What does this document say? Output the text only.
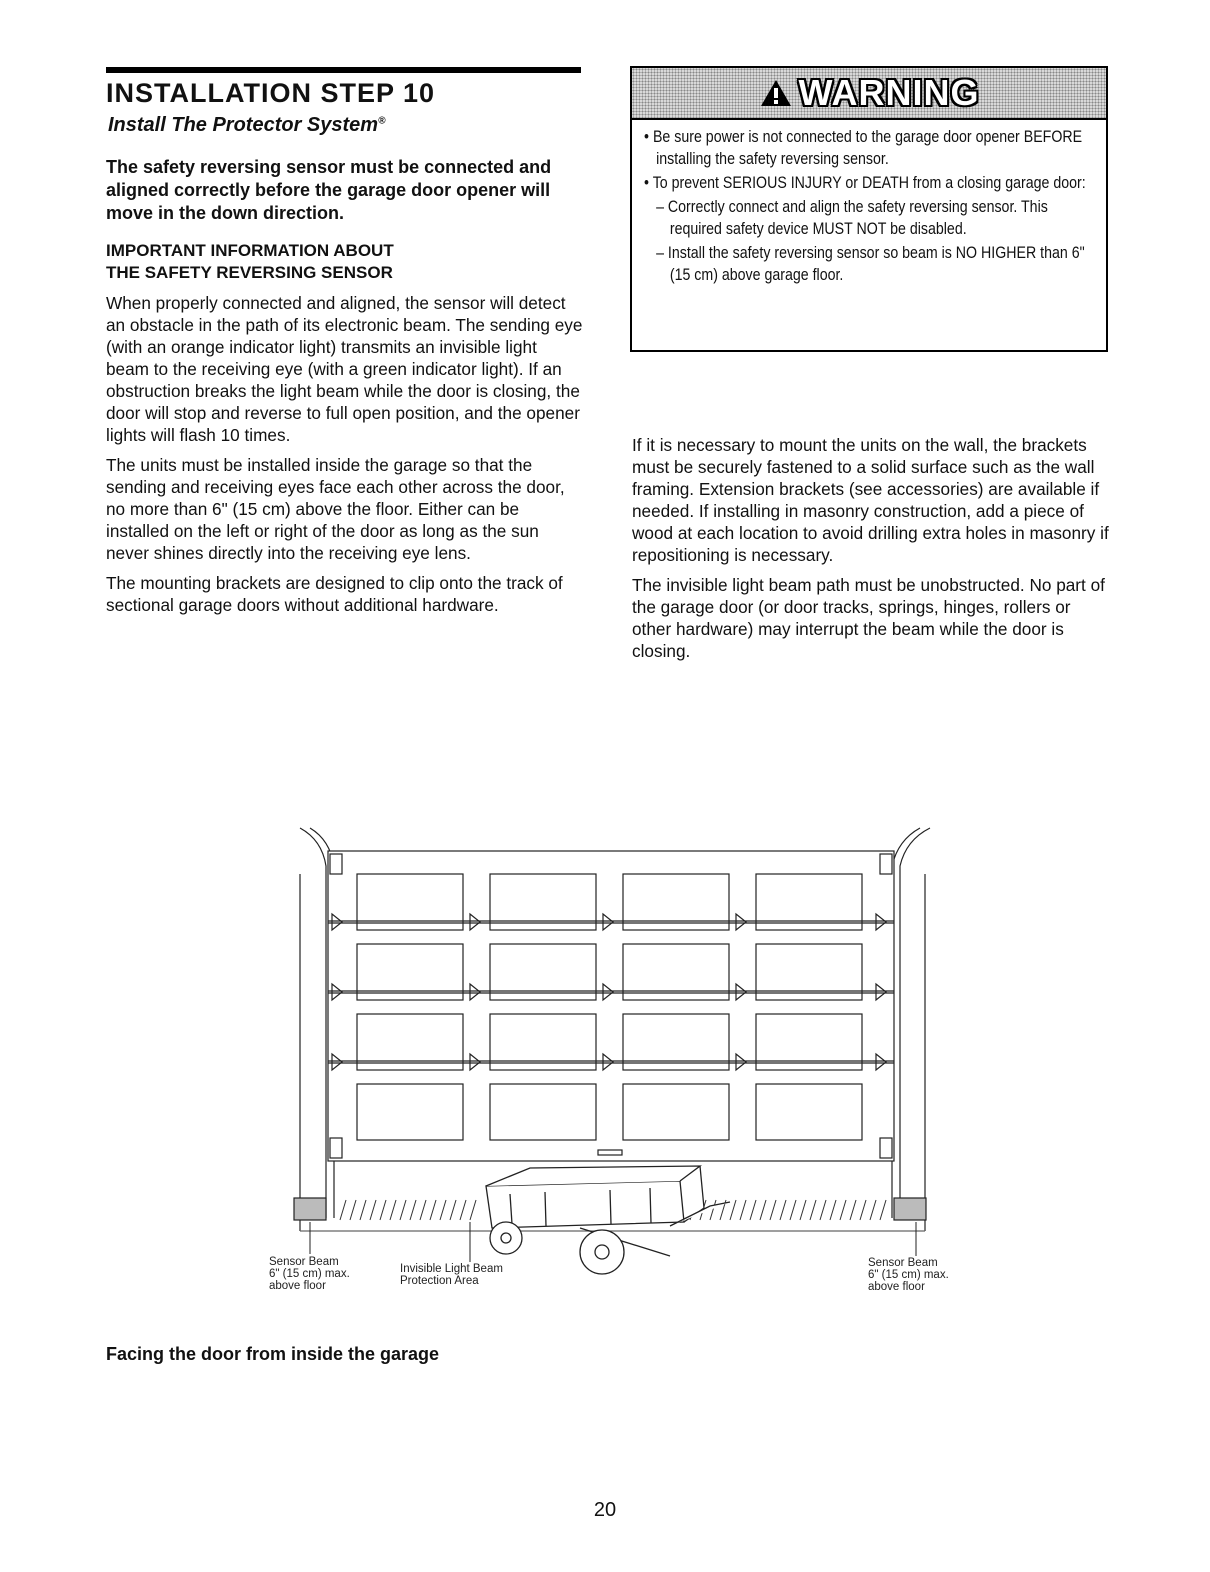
INSTALLATION STEP 10
Install The Protector System®

The safety reversing sensor must be connected and aligned correctly before the garage door opener will move in the down direction.

IMPORTANT INFORMATION ABOUT
THE SAFETY REVERSING SENSOR

When properly connected and aligned, the sensor will detect an obstacle in the path of its electronic beam. The sending eye (with an orange indicator light) transmits an invisible light beam to the receiving eye (with a green indicator light). If an obstruction breaks the light beam while the door is closing, the door will stop and reverse to full open position, and the opener lights will flash 10 times.

The units must be installed inside the garage so that the sending and receiving eyes face each other across the door, no more than 6" (15 cm) above the floor. Either can be installed on the left or right of the door as long as the sun never shines directly into the receiving eye lens.

The mounting brackets are designed to clip onto the track of sectional garage doors without additional hardware.

WARNING
• Be sure power is not connected to the garage door opener BEFORE installing the safety reversing sensor.
• To prevent SERIOUS INJURY or DEATH from a closing garage door:
– Correctly connect and align the safety reversing sensor. This required safety device MUST NOT be disabled.
– Install the safety reversing sensor so beam is NO HIGHER than 6" (15 cm) above garage floor.

If it is necessary to mount the units on the wall, the brackets must be securely fastened to a solid surface such as the wall framing. Extension brackets (see accessories) are available if needed. If installing in masonry construction, add a piece of wood at each location to avoid drilling extra holes in masonry if repositioning is necessary.

The invisible light beam path must be unobstructed. No part of the garage door (or door tracks, springs, hinges, rollers or other hardware) may interrupt the beam while the door is closing.

Sensor Beam
6" (15 cm) max.
above floor
Invisible Light Beam
Protection Area
Sensor Beam
6" (15 cm) max.
above floor
Facing the door from inside the garage
20
